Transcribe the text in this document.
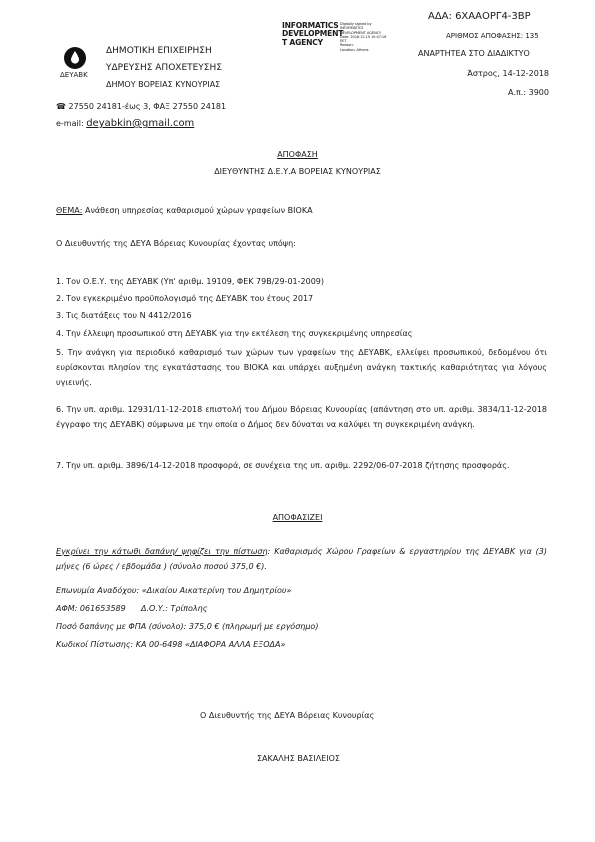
ΑΔΑ: 6ΧΑΑΟΡΓ4-3ΒΡ
INFORMATICS
DEVELOPMENT
T AGENCY
Digitally signed by
INFORMATICS
DEVELOPMENT AGENCY
Date: 2018.12.19 10:47:16
EET
Reason:
Location: Athens
ΑΡΙΘΜΟΣ ΑΠΟΦΑΣΗΣ: 135
ΑΝΑΡΤΗΤΕΑ ΣΤΟ ΔΙΑΔΙΚΤΥΟ
Άστρος, 14-12-2018
Α.π.: 3900
ΔΕΥΑΒΚ
ΔΗΜΟΤΙΚΗ ΕΠΙΧΕΙΡΗΣΗ
ΥΔΡΕΥΣΗΣ ΑΠΟΧΕΤΕΥΣΗΣ
ΔΗΜΟΥ ΒΟΡΕΙΑΣ ΚΥΝΟΥΡΙΑΣ
☎ 27550 24181-έως 3, ΦΑΞ 27550 24181
e-mail: deyabkin@gmail.com
ΑΠΟΦΑΣΗ
ΔΙΕΥΘΥΝΤΗΣ Δ.Ε.Υ.Α ΒΟΡΕΙΑΣ ΚΥΝΟΥΡΙΑΣ
ΘΕΜΑ: Ανάθεση υπηρεσίας καθαρισμού χώρων γραφείων ΒΙΟΚΑ
Ο Διευθυντής της ΔΕΥΑ Βόρειας Κυνουρίας έχοντας υπόψη:
1. Τον Ο.Ε.Υ. της ΔΕΥΑΒΚ (Υπ' αριθμ. 19109, ΦΕΚ 79Β/29-01-2009)
2. Τον εγκεκριμένο προϋπολογισμό της ΔΕΥΑΒΚ του έτους 2017
3. Τις διατάξεις του Ν 4412/2016
4. Την έλλειψη προσωπικού στη ΔΕΥΑΒΚ για την εκτέλεση της συγκεκριμένης υπηρεσίας
5. Την ανάγκη για περιοδικό καθαρισμό των χώρων των γραφείων της ΔΕΥΑΒΚ, ελλείψει προσωπικού, δεδομένου ότι ευρίσκονται πλησίον της εγκατάστασης του ΒΙΟΚΑ και υπάρχει αυξημένη ανάγκη τακτικής καθαριότητας για λόγους υγιεινής.
6. Την υπ. αριθμ. 12931/11-12-2018 επιστολή του Δήμου Βόρειας Κυνουρίας (απάντηση στο υπ. αριθμ. 3834/11-12-2018 έγγραφο της ΔΕΥΑΒΚ) σύμφωνα με την οποία ο Δήμος δεν δύναται να καλύψει τη συγκεκριμένη ανάγκη.
7. Την υπ. αριθμ. 3896/14-12-2018 προσφορά, σε συνέχεια της υπ. αριθμ. 2292/06-07-2018 ζήτησης προσφοράς.
ΑΠΟΦΑΣΙΖΕΙ
Εγκρίνει την κάτωθι δαπάνη/ ψηφίζει την πίστωση: Καθαρισμός Χώρου Γραφείων & εργαστηρίου της ΔΕΥΑΒΚ για (3) μήνες (6 ώρες / εβδομάδα ) (σύνολο ποσού 375,0 €).
Επωνυμία Αναδόχου: «Δικαίου Αικατερίνη του Δημητρίου»
ΑΦΜ: 061653589      Δ.Ο.Υ.: Τρίπολης
Ποσό δαπάνης με ΦΠΑ (σύνολο): 375,0 € (πληρωμή με εργόσημο)
Κωδικοί Πίστωσης: ΚΑ 00-6498 «ΔΙΑΦΟΡΑ ΑΛΛΑ ΕΞΟΔΑ»
Ο Διευθυντής της ΔΕΥΑ Βόρειας Κυνουρίας
ΣΑΚΑΛΗΣ ΒΑΣΙΛΕΙΟΣ
